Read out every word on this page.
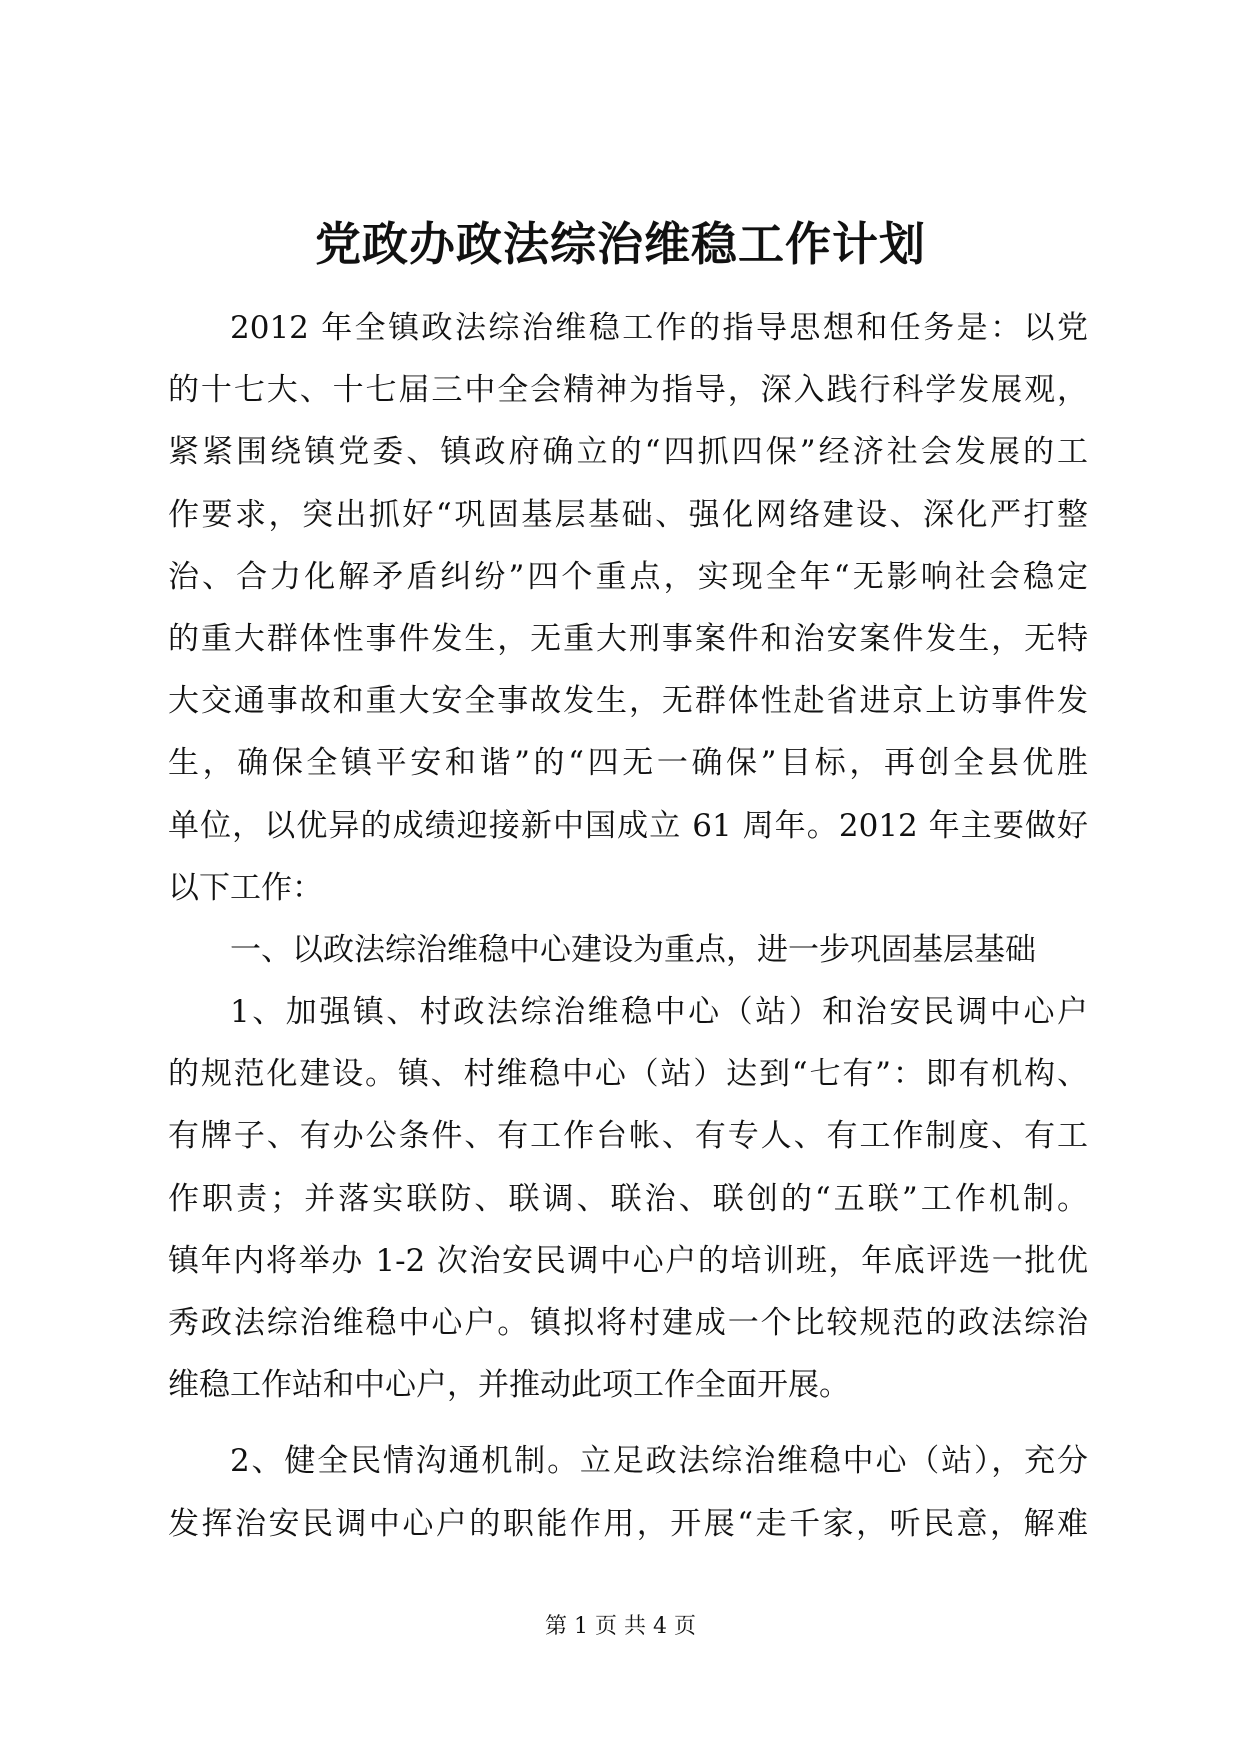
党政办政法综治维稳工作计划
2012 年全镇政法综治维稳工作的指导思想和任务是：以党
的十七大、十七届三中全会精神为指导，深入践行科学发展观，
紧紧围绕镇党委、镇政府确立的“四抓四保”经济社会发展的工
作要求，突出抓好“巩固基层基础、强化网络建设、深化严打整
治、合力化解矛盾纠纷”四个重点，实现全年“无影响社会稳定
的重大群体性事件发生，无重大刑事案件和治安案件发生，无特
大交通事故和重大安全事故发生，无群体性赴省进京上访事件发
生，确保全镇平安和谐”的“四无一确保”目标，再创全县优胜
单位，以优异的成绩迎接新中国成立 61 周年。2012 年主要做好
以下工作：
一、以政法综治维稳中心建设为重点，进一步巩固基层基础
1、加强镇、村政法综治维稳中心（站）和治安民调中心户
的规范化建设。镇、村维稳中心（站）达到“七有”：即有机构、
有牌子、有办公条件、有工作台帐、有专人、有工作制度、有工
作职责；并落实联防、联调、联治、联创的“五联”工作机制。
镇年内将举办 1-2 次治安民调中心户的培训班，年底评选一批优
秀政法综治维稳中心户。镇拟将村建成一个比较规范的政法综治
维稳工作站和中心户，并推动此项工作全面开展。
2、健全民情沟通机制。立足政法综治维稳中心（站），充分
发挥治安民调中心户的职能作用，开展“走千家，听民意，解难
第 1 页 共 4 页
